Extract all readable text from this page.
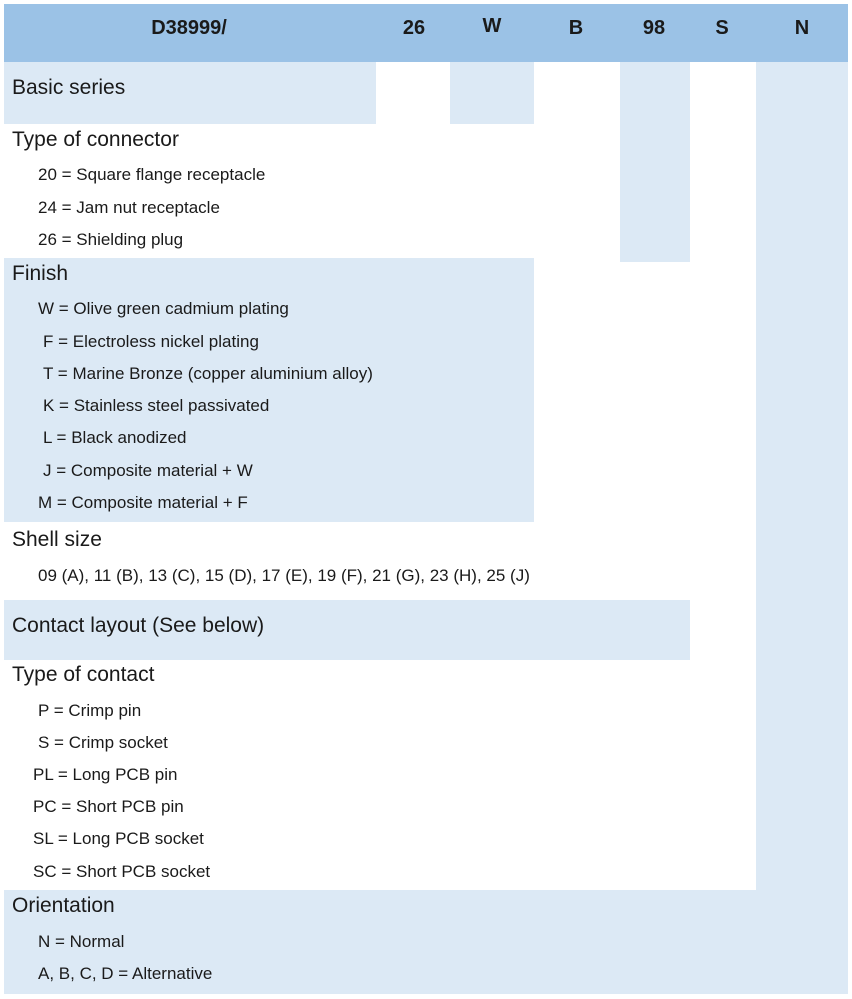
D38999/	26	W	B	98	S	N
Basic series
Type of connector
20 = Square flange receptacle
24 = Jam nut receptacle
26 = Shielding plug
Finish
W = Olive green cadmium plating
F = Electroless nickel plating
T = Marine Bronze (copper aluminium alloy)
K = Stainless steel passivated
L = Black anodized
J = Composite material + W
M = Composite material + F
Shell size
09 (A), 11 (B), 13 (C), 15 (D), 17 (E), 19 (F), 21 (G), 23 (H), 25 (J)
Contact layout (See below)
Type of contact
P = Crimp pin
S = Crimp socket
PL = Long PCB pin
PC = Short PCB pin
SL = Long PCB socket
SC = Short PCB socket
Orientation
N = Normal
A, B, C, D = Alternative
